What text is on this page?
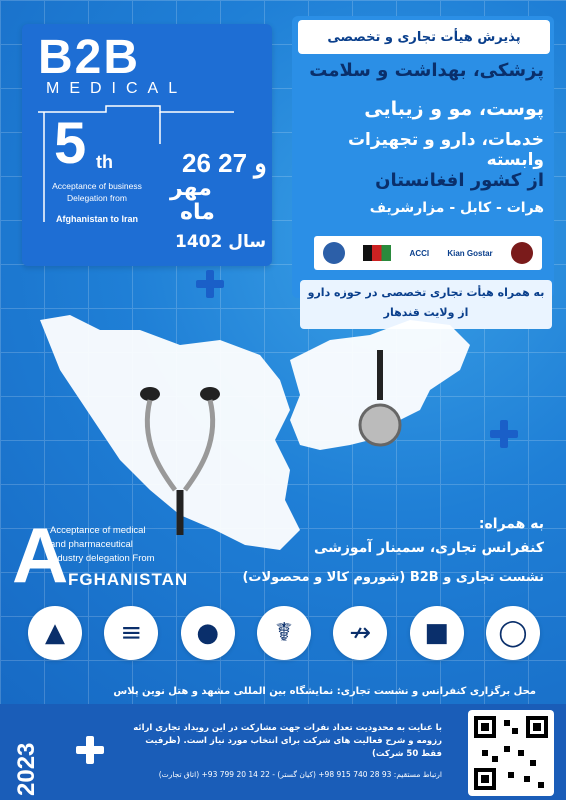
B2B
MEDICAL
5 th
Acceptance of business
Delegation from
Afghanistan to Iran
26 و 27
مهر
ماه
سال 1402
پذیرش هیأت تجاری و تخصصی
پزشکی، بهداشت و سلامت
پوست، مو و زیبایی
خدمات، دارو و تجهیزات وابسته
از کشور افغانستان
هرات - کابل - مزارشریف
ACCI Kian Gostar
به همراه هیأت تجاری تخصصی در حوزه دارو
از ولایت قندهار
A
Acceptance of medical
and pharmaceutical
industry delegation From
FGHANISTAN
به همراه:
کنفرانس تجاری، سمینار آموزشی
نشست تجاری و B2B (شوروم کالا و محصولات)
▲	≡	●	☤	↛	■	◯
محل برگزاری کنفرانس و نشست تجاری: نمایشگاه بین المللی مشهد و هتل نوین پلاس
2023
با عنایت به محدودیت تعداد نفرات جهت مشارکت در این رویداد تجاری ارائه رزومه و شرح فعالیت های شرکت برای انتخاب مورد نیاز است. (ظرفیت فقط 50 شرکت)
ارتباط مستقیم: 93 28 740 915 98+ (کیان گستر) - 22 14 20 799 93+ (اتاق تجارت)
